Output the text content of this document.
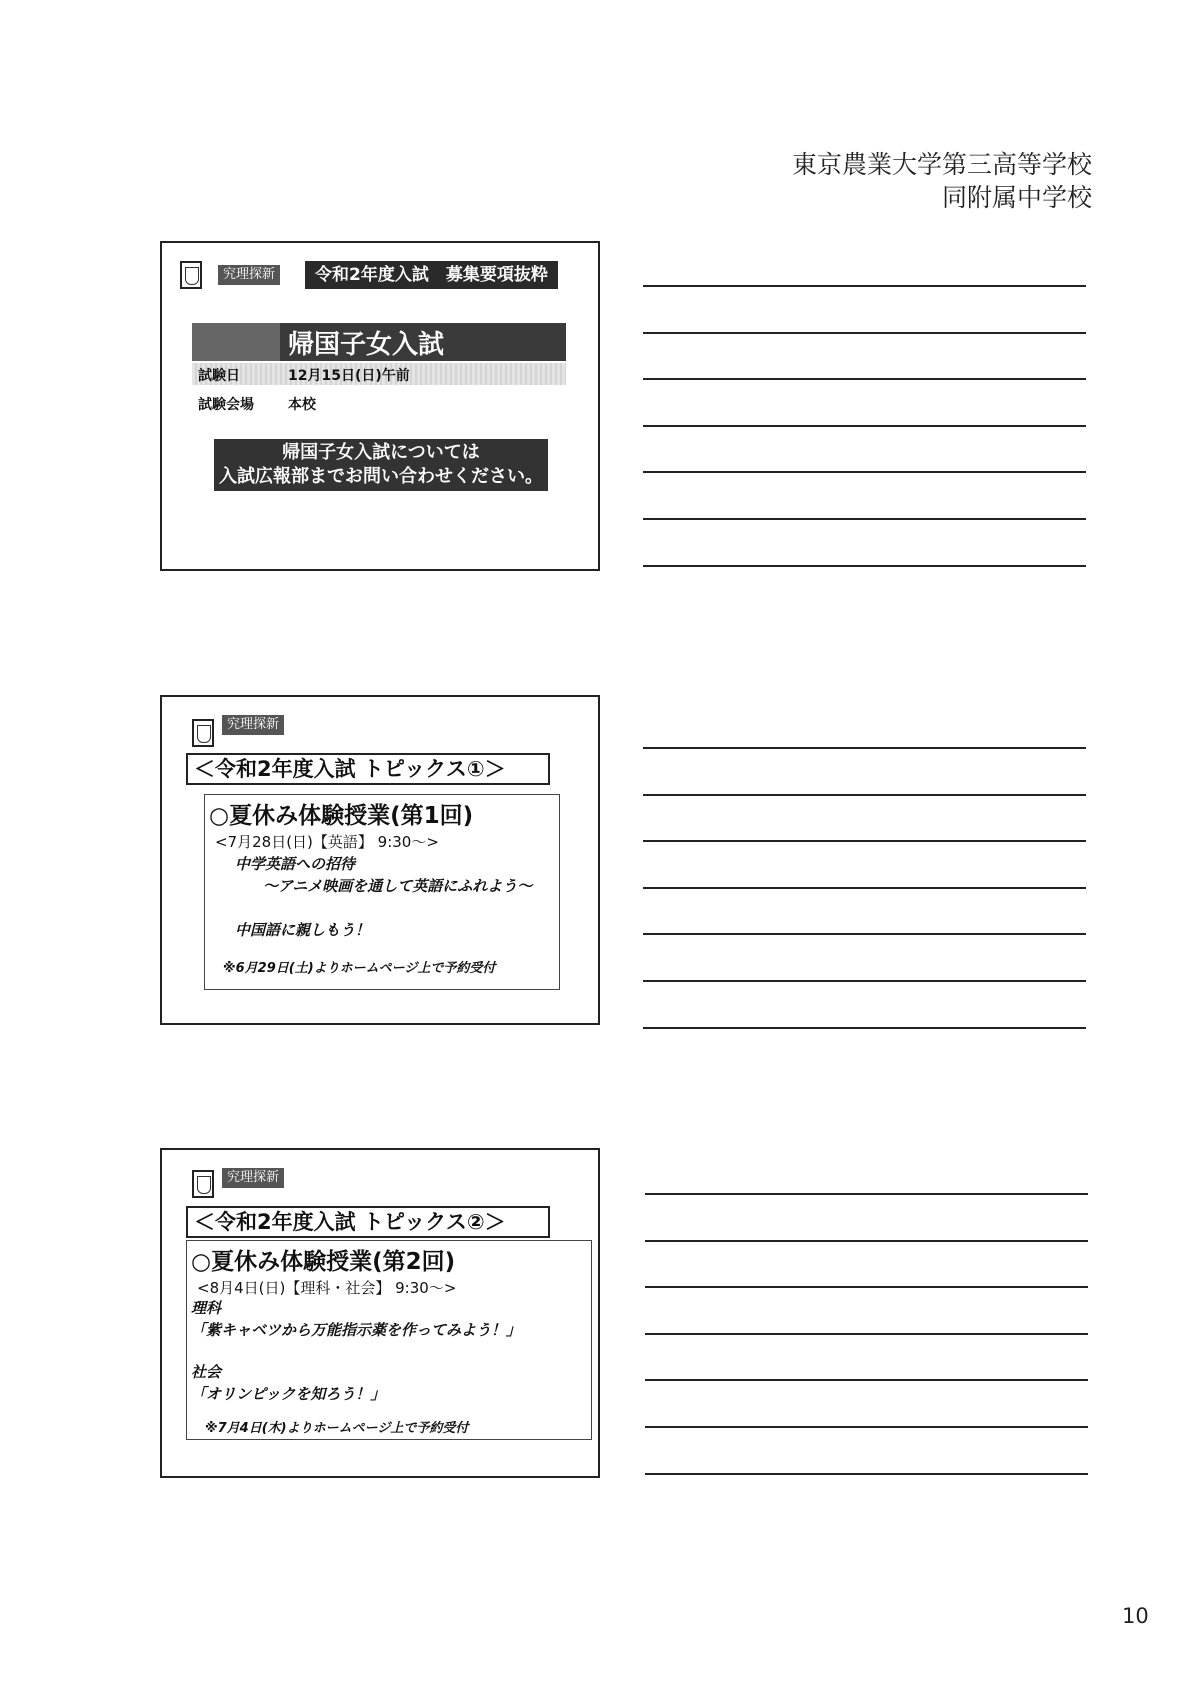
東京農業大学第三高等学校
同附属中学校
究理探新	令和2年度入試　募集要項抜粋
帰国子女入試
試験日	12月15日(日)午前
試験会場 本校
帰国子女入試については
入試広報部までお問い合わせください。
究理探新
＜令和2年度入試 トピックス①＞
○夏休み体験授業(第1回)
<7月28日(日)【英語】 9:30～>
中学英語への招待
～アニメ映画を通して英語にふれよう～
中国語に親しもう！
※6月29日(土)よりホームページ上で予約受付
究理探新
＜令和2年度入試 トピックス②＞
○夏休み体験授業(第2回)
<8月4日(日)【理科・社会】 9:30～>
理科
「紫キャベツから万能指示薬を作ってみよう！」
社会
「オリンピックを知ろう！」
※7月4日(木)よりホームページ上で予約受付
10
